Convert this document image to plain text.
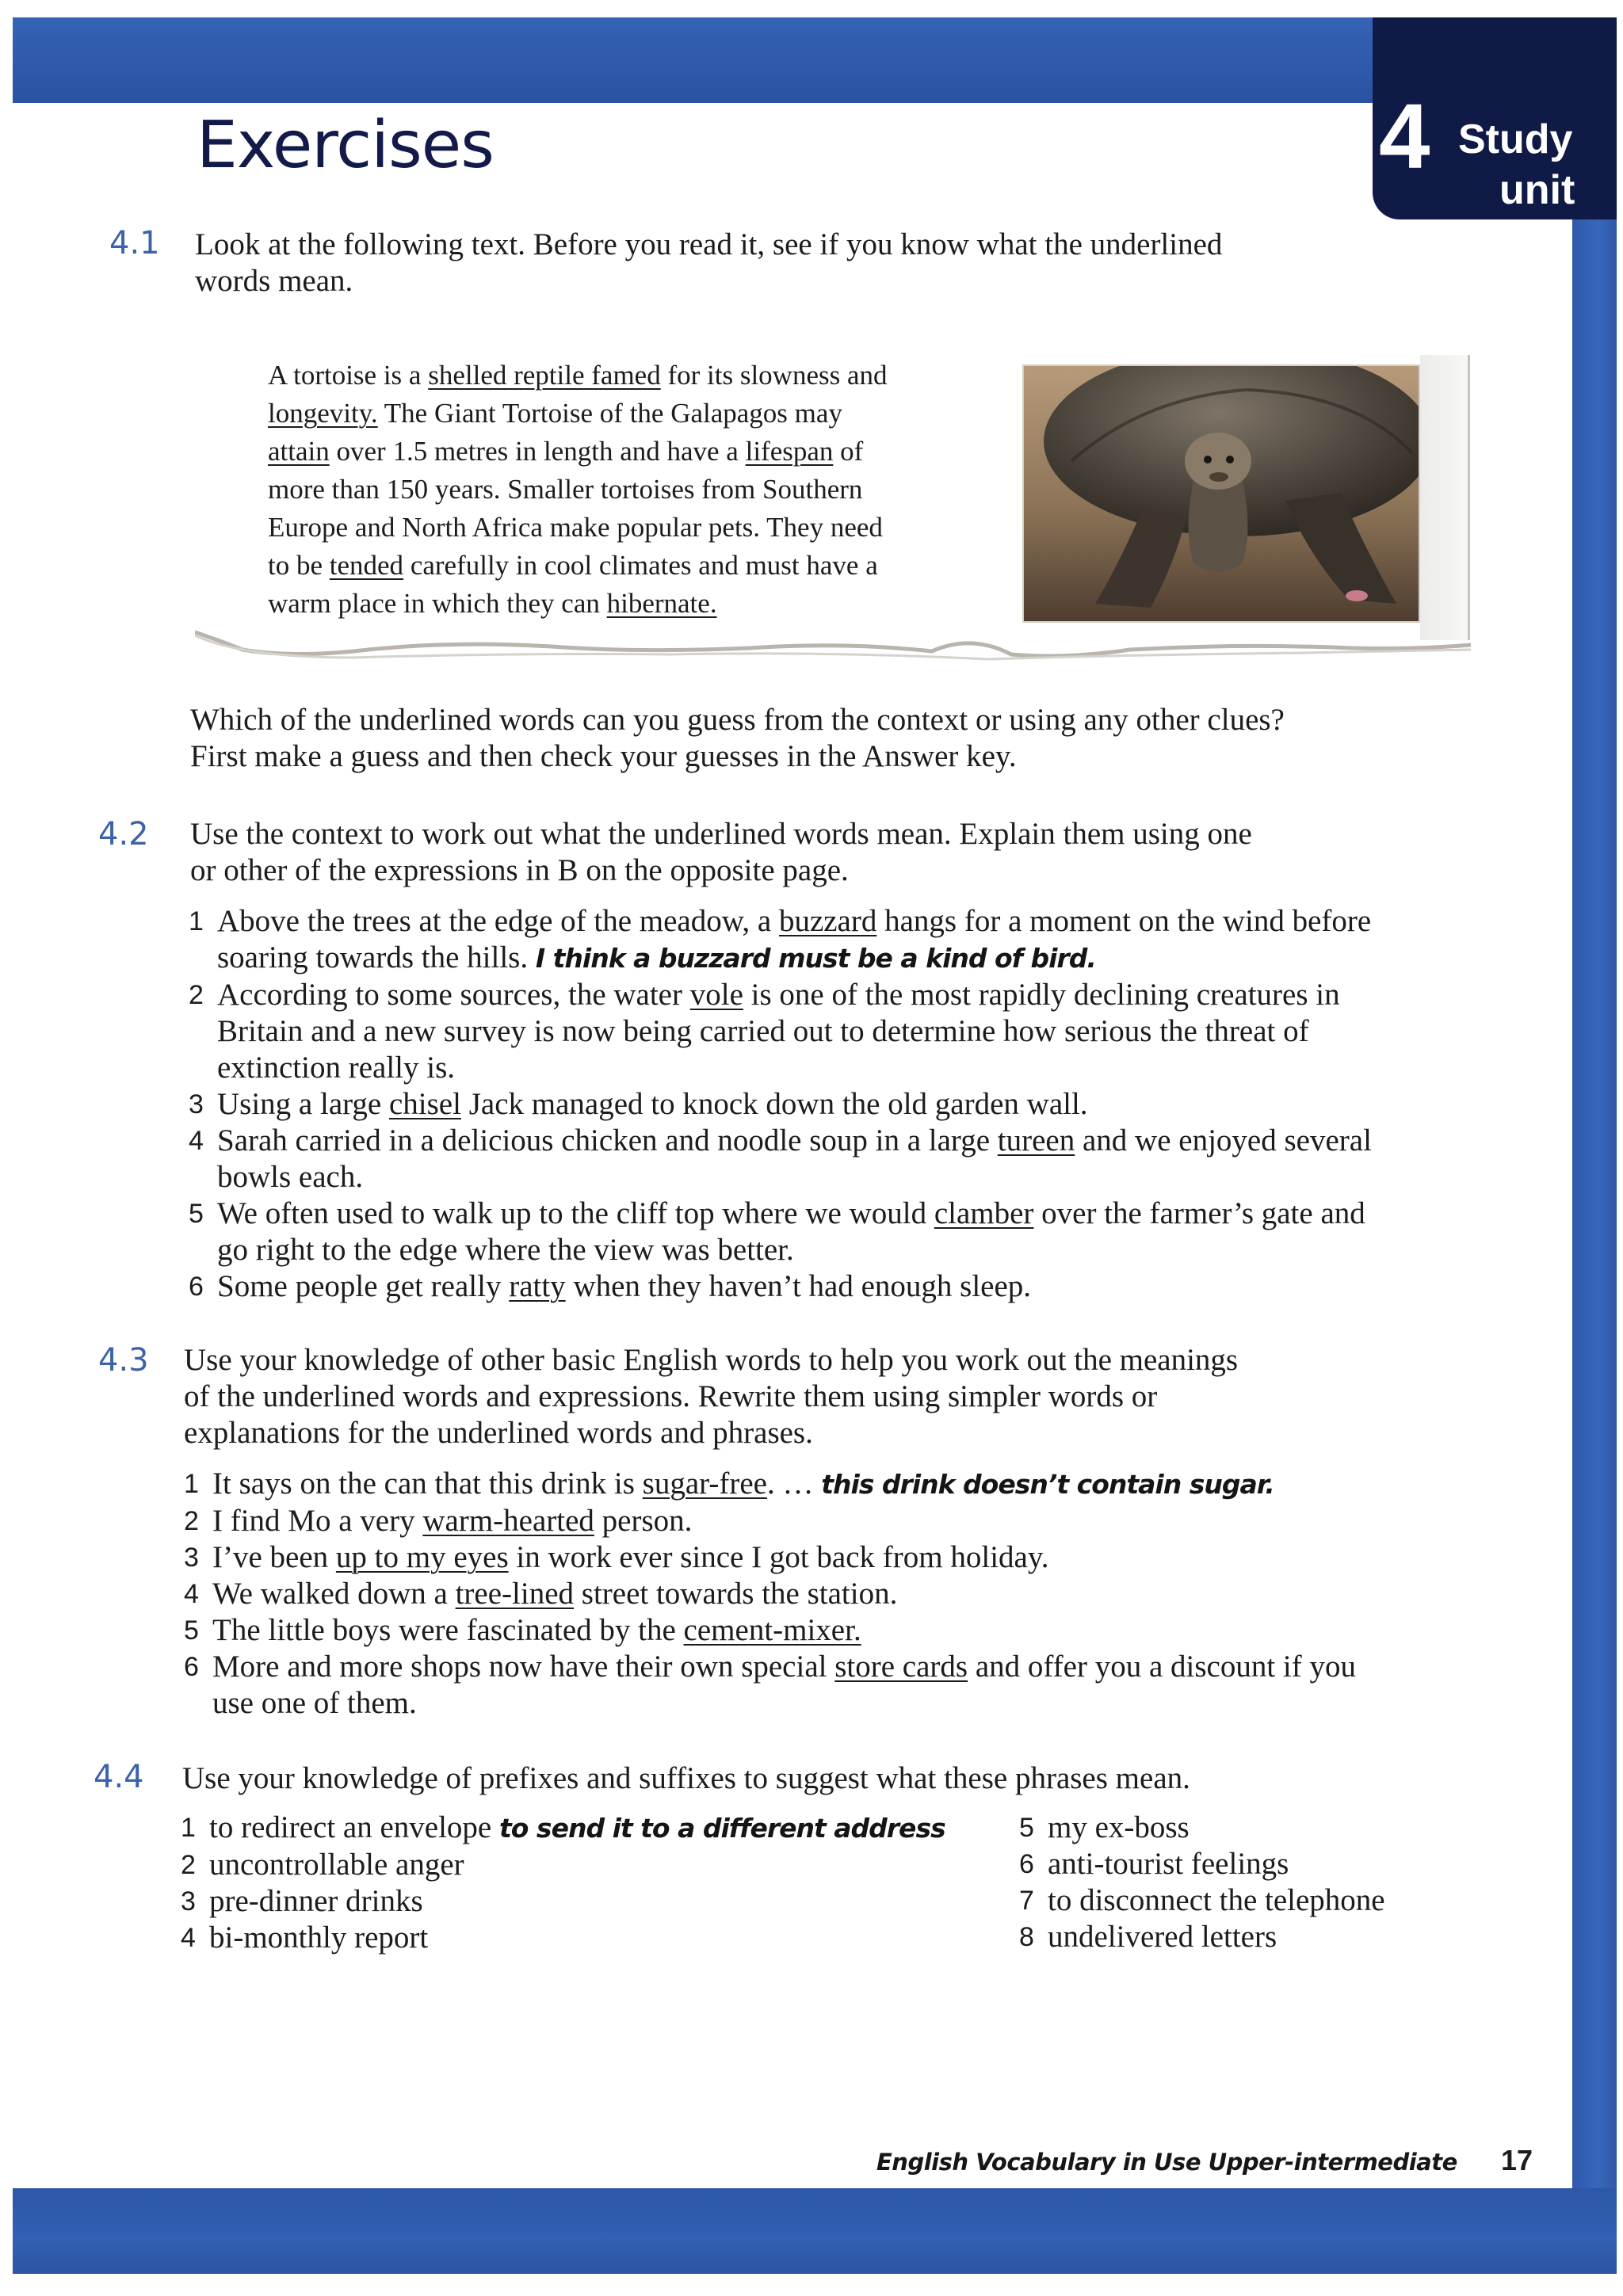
4 Study
unit
Exercises
4.1 Look at the following text. Before you read it, see if you know what the underlined
words mean.

A tortoise is a shelled reptile famed for its slowness and
longevity. The Giant Tortoise of the Galapagos may
attain over 1.5 metres in length and have a lifespan of
more than 150 years. Smaller tortoises from Southern
Europe and North Africa make popular pets. They need
to be tended carefully in cool climates and must have a
warm place in which they can hibernate.

Which of the underlined words can you guess from the context or using any other clues?
First make a guess and then check your guesses in the Answer key.

4.2 Use the context to work out what the underlined words mean. Explain them using one
or other of the expressions in B on the opposite page.

1 Above the trees at the edge of the meadow, a buzzard hangs for a moment on the wind before
soaring towards the hills. I think a buzzard must be a kind of bird.
2 According to some sources, the water vole is one of the most rapidly declining creatures in
Britain and a new survey is now being carried out to determine how serious the threat of
extinction really is.
3 Using a large chisel Jack managed to knock down the old garden wall.
4 Sarah carried in a delicious chicken and noodle soup in a large tureen and we enjoyed several
bowls each.
5 We often used to walk up to the cliff top where we would clamber over the farmer’s gate and
go right to the edge where the view was better.
6 Some people get really ratty when they haven’t had enough sleep.
4.3 Use your knowledge of other basic English words to help you work out the meanings
of the underlined words and expressions. Rewrite them using simpler words or
explanations for the underlined words and phrases.

1 It says on the can that this drink is sugar-free. … this drink doesn’t contain sugar.
2 I find Mo a very warm-hearted person.
3 I’ve been up to my eyes in work ever since I got back from holiday.
4 We walked down a tree-lined street towards the station.
5 The little boys were fascinated by the cement-mixer.
6 More and more shops now have their own special store cards and offer you a discount if you
use one of them.
4.4 Use your knowledge of prefixes and suffixes to suggest what these phrases mean.

1 to redirect an envelope to send it to a different address
2 uncontrollable anger
3 pre-dinner drinks
4 bi-monthly report
5 my ex-boss
6 anti-tourist feelings
7 to disconnect the telephone
8 undelivered letters
English Vocabulary in Use Upper-intermediate 17
